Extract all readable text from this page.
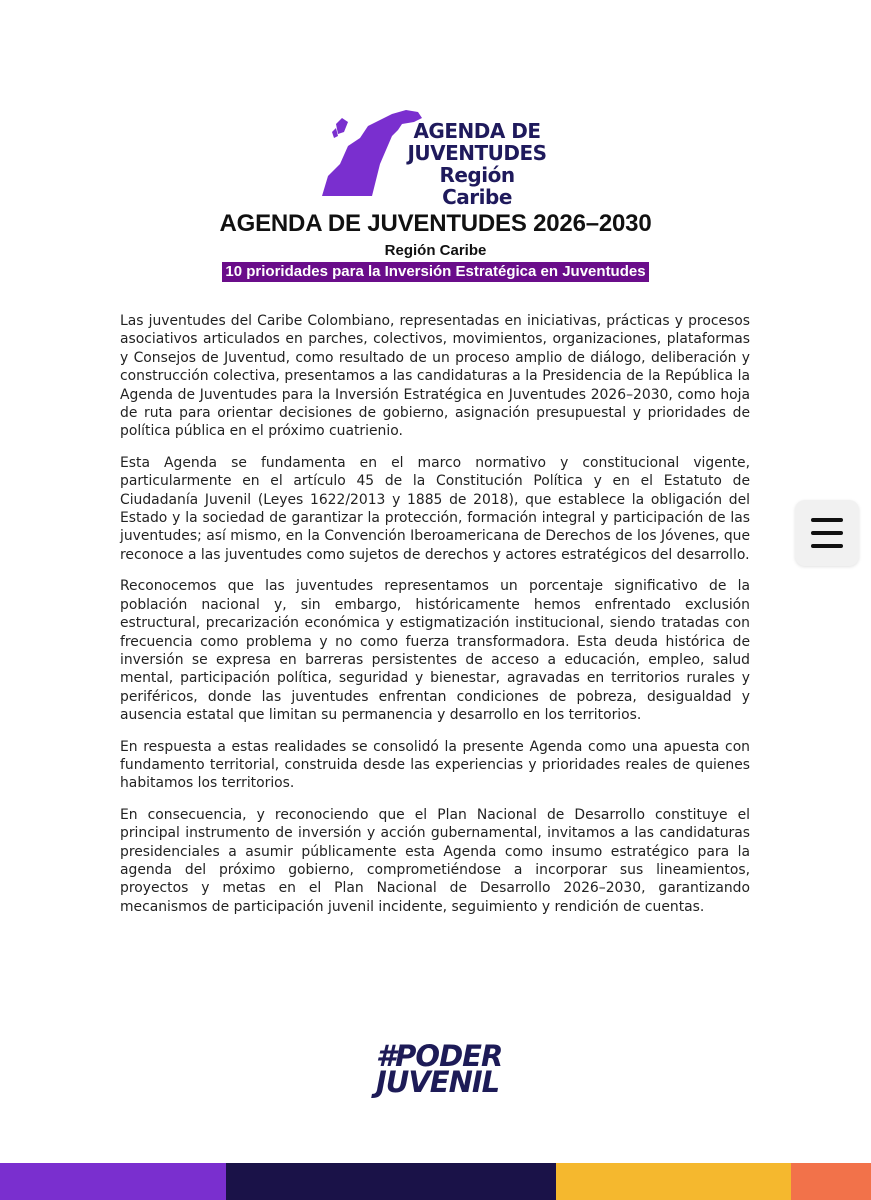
AGENDA DE
JUVENTUDES
Región Caribe
AGENDA DE JUVENTUDES 2026–2030
Región Caribe
10 prioridades para la Inversión Estratégica en Juventudes

Las juventudes del Caribe Colombiano, representadas en iniciativas, prácticas y procesos asociativos articulados en parches, colectivos, movimientos, organizaciones, plataformas y Consejos de Juventud, como resultado de un proceso amplio de diálogo, deliberación y construcción colectiva, presentamos a las candidaturas a la Presidencia de la República la Agenda de Juventudes para la Inversión Estratégica en Juventudes 2026–2030, como hoja de ruta para orientar decisiones de gobierno, asignación presupuestal y prioridades de política pública en el próximo cuatrienio.

Esta Agenda se fundamenta en el marco normativo y constitucional vigente, particularmente en el artículo 45 de la Constitución Política y en el Estatuto de Ciudadanía Juvenil (Leyes 1622/2013 y 1885 de 2018), que establece la obligación del Estado y la sociedad de garantizar la protección, formación integral y participación de las juventudes; así mismo, en la Convención Iberoamericana de Derechos de los Jóvenes, que reconoce a las juventudes como sujetos de derechos y actores estratégicos del desarrollo.

Reconocemos que las juventudes representamos un porcentaje significativo de la población nacional y, sin embargo, históricamente hemos enfrentado exclusión estructural, precarización económica y estigmatización institucional, siendo tratadas con frecuencia como problema y no como fuerza transformadora. Esta deuda histórica de inversión se expresa en barreras persistentes de acceso a educación, empleo, salud mental, participación política, seguridad y bienestar, agravadas en territorios rurales y periféricos, donde las juventudes enfrentan condiciones de pobreza, desigualdad y ausencia estatal que limitan su permanencia y desarrollo en los territorios.

En respuesta a estas realidades se consolidó la presente Agenda como una apuesta con fundamento territorial, construida desde las experiencias y prioridades reales de quienes habitamos los territorios.

En consecuencia, y reconociendo que el Plan Nacional de Desarrollo constituye el principal instrumento de inversión y acción gubernamental, invitamos a las candidaturas presidenciales a asumir públicamente esta Agenda como insumo estratégico para la agenda del próximo gobierno, comprometiéndose a incorporar sus lineamientos, proyectos y metas en el Plan Nacional de Desarrollo 2026–2030, garantizando mecanismos de participación juvenil incidente, seguimiento y rendición de cuentas.

#PODER
JUVENIL
